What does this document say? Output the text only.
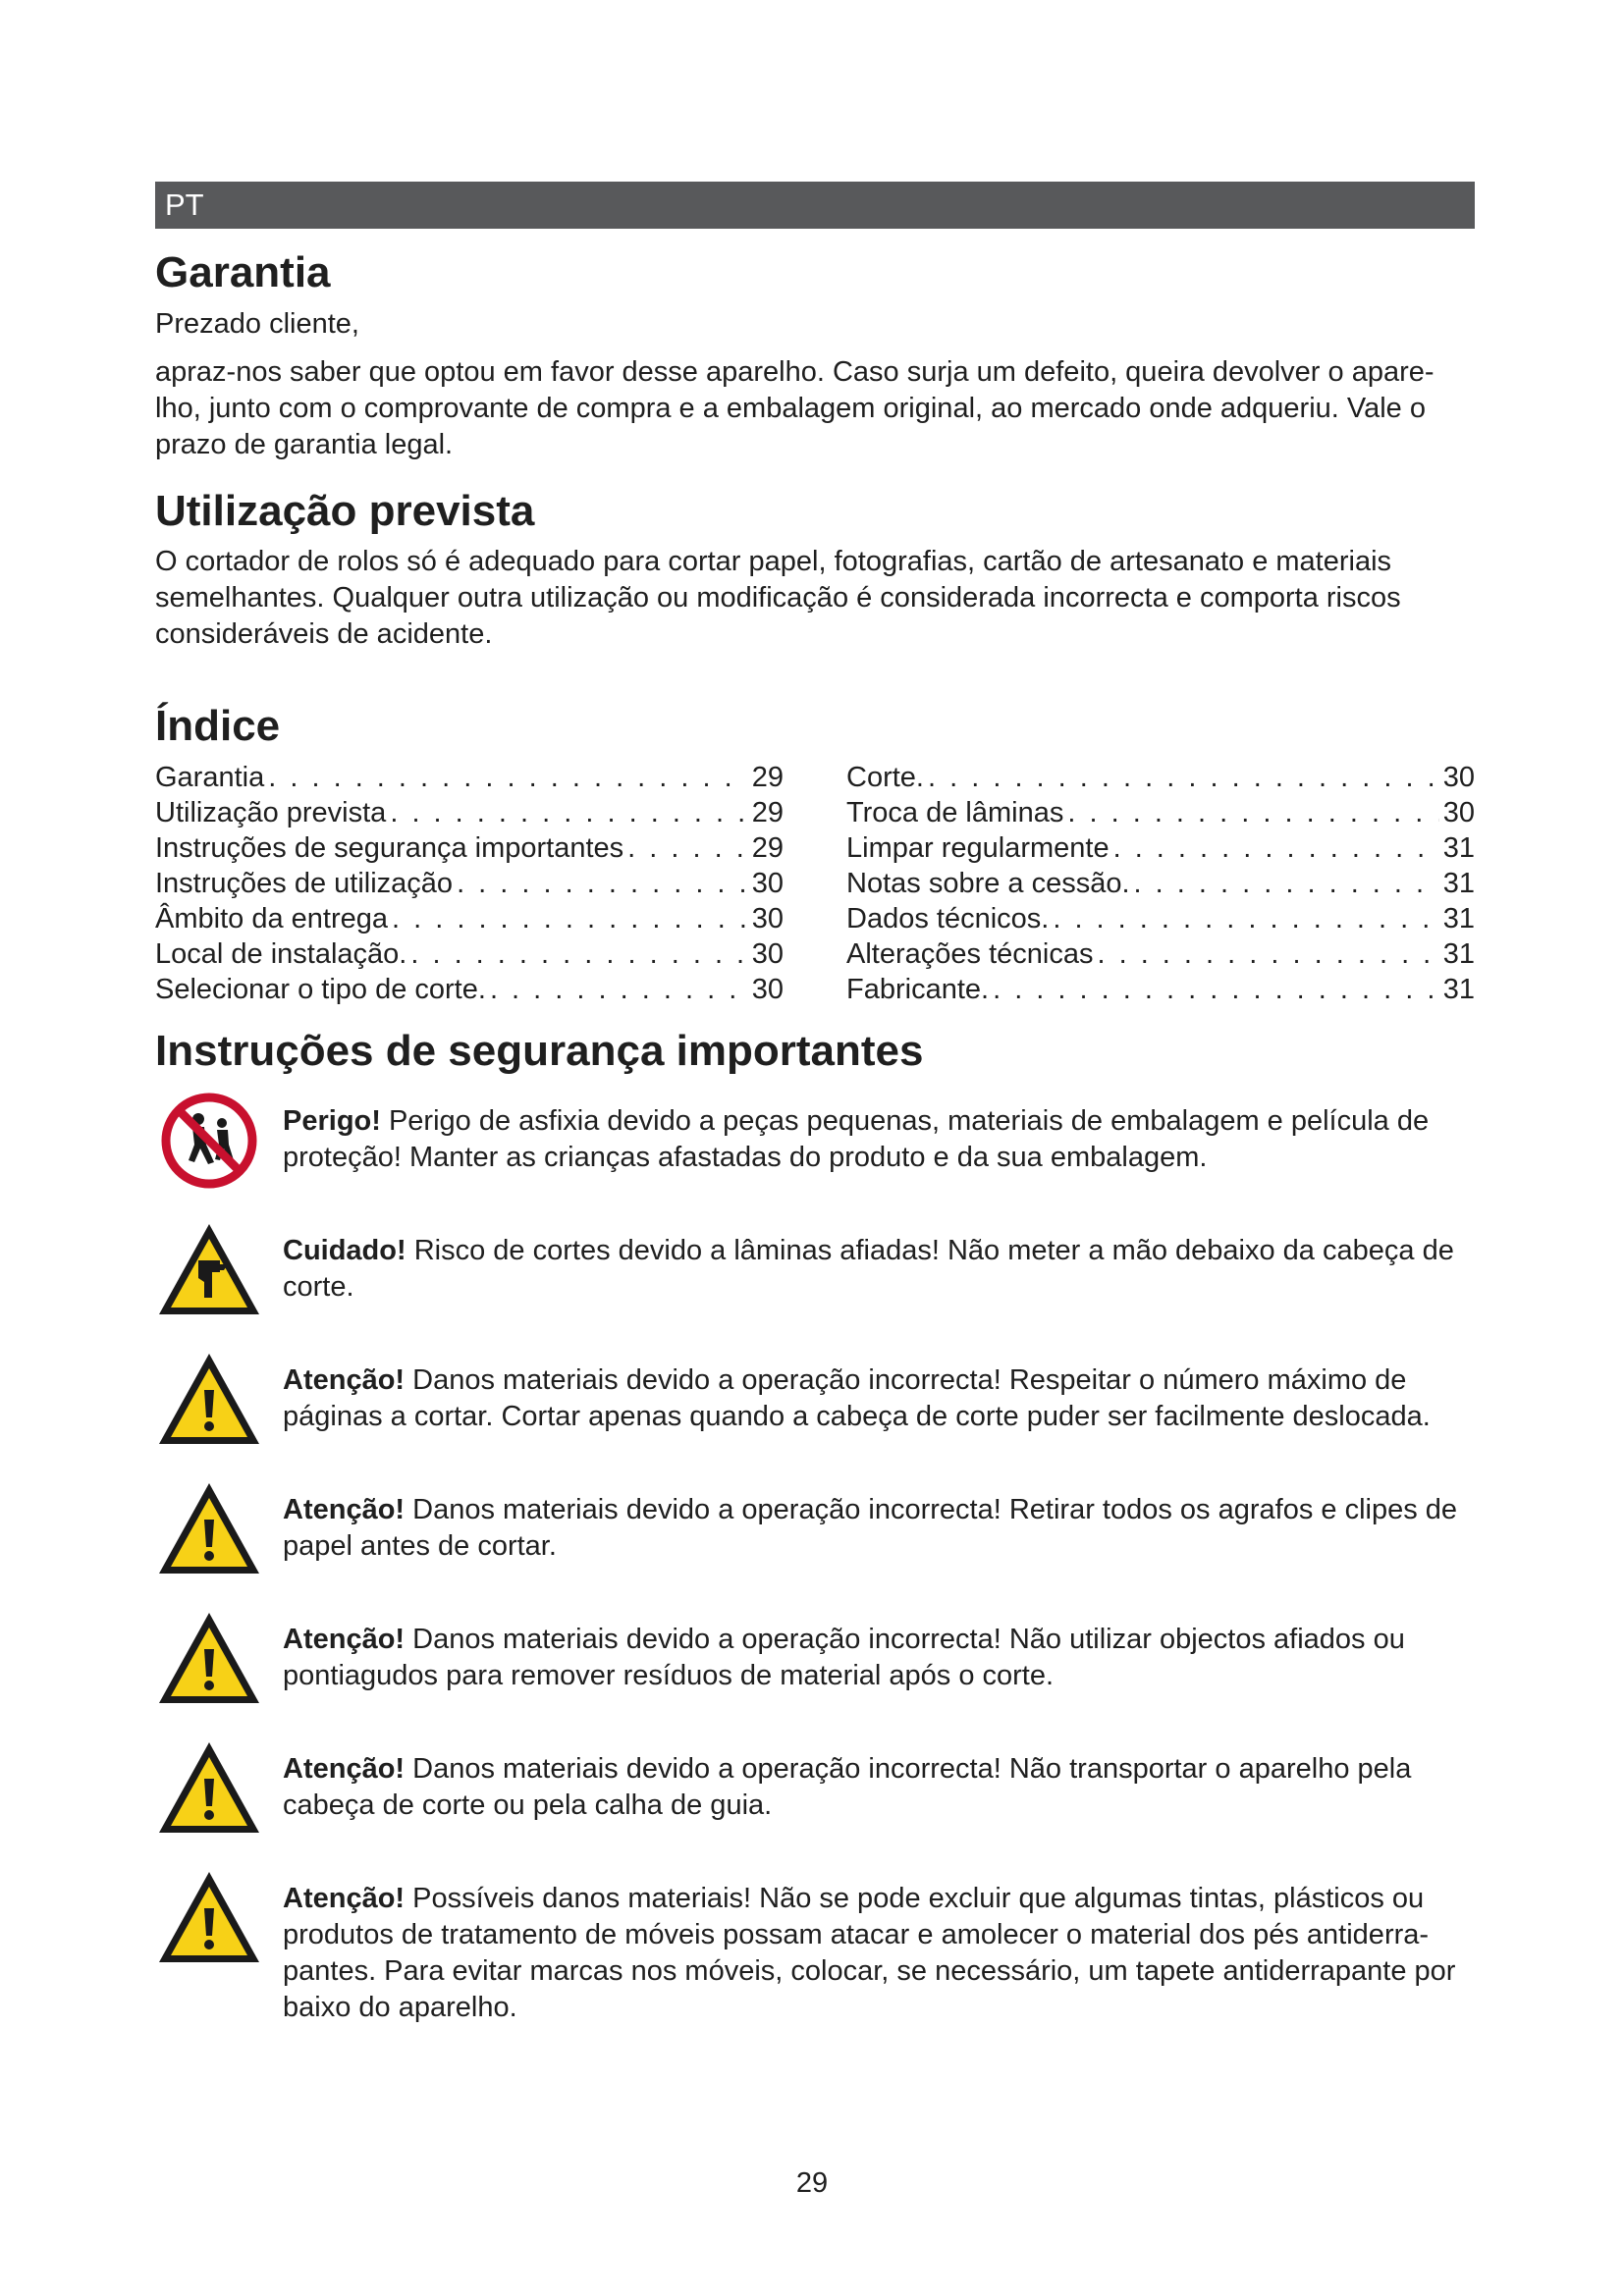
PT
Garantia

Prezado cliente,

apraz-nos saber que optou em favor desse aparelho. Caso surja um defeito, queira devolver o apare-lho, junto com o comprovante de compra e a embalagem original, ao mercado onde adqueriu. Vale o prazo de garantia legal.

Utilização prevista

O cortador de rolos só é adequado para cortar papel, fotografias, cartão de artesanato e materiais semelhantes. Qualquer outra utilização ou modificação é considerada incorrecta e comporta riscos consideráveis de acidente.

Índice
Garantia . . .	29
Utilização prevista . . .	29
Instruções de segurança importantes . . .	29
Instruções de utilização . . .	30
Âmbito da entrega . . .	30
Local de instalação. . . .	30
Selecionar o tipo de corte. . . .	30
Corte. . . .	30
Troca de lâminas . . .	30
Limpar regularmente . . .	31
Notas sobre a cessão. . . .	31
Dados técnicos. . . .	31
Alterações técnicas . . .	31
Fabricante. . . .	31
Instruções de segurança importantes
Perigo! Perigo de asfixia devido a peças pequenas, materiais de embalagem e película de proteção! Manter as crianças afastadas do produto e da sua embalagem.
Cuidado! Risco de cortes devido a lâminas afiadas! Não meter a mão debaixo da cabeça de corte.
Atenção! Danos materiais devido a operação incorrecta! Respeitar o número máximo de páginas a cortar. Cortar apenas quando a cabeça de corte puder ser facilmente deslocada.
Atenção! Danos materiais devido a operação incorrecta! Retirar todos os agrafos e clipes de papel antes de cortar.
Atenção! Danos materiais devido a operação incorrecta! Não utilizar objectos afiados ou pontiagudos para remover resíduos de material após o corte.
Atenção! Danos materiais devido a operação incorrecta! Não transportar o aparelho pela cabeça de corte ou pela calha de guia.
Atenção! Possíveis danos materiais! Não se pode excluir que algumas tintas, plásticos ou produtos de tratamento de móveis possam atacar e amolecer o material dos pés antiderra-pantes. Para evitar marcas nos móveis, colocar, se necessário, um tapete antiderrapante por baixo do aparelho.
29
